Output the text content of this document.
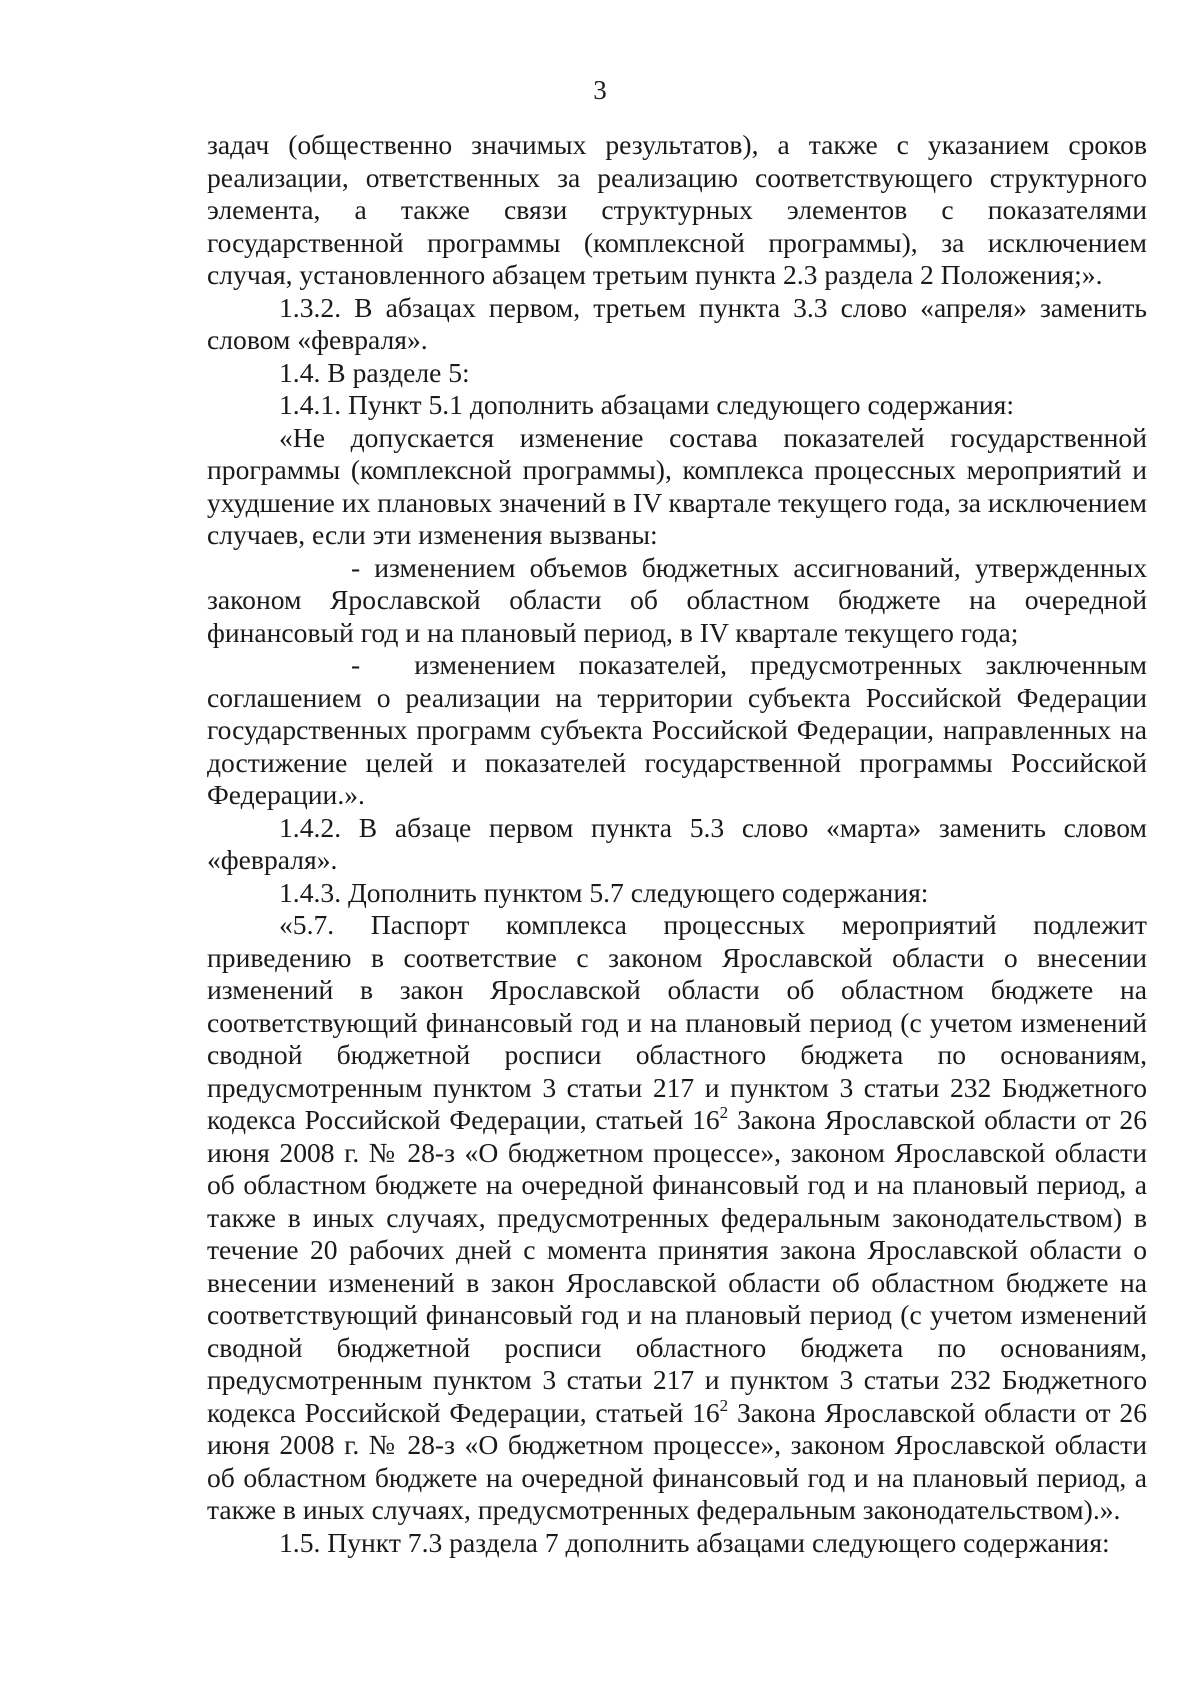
3

задач (общественно значимых результатов), а также с указанием сроков реализации, ответственных за реализацию соответствующего структурного элемента, а также связи структурных элементов с показателями государственной программы (комплексной программы), за исключением случая, установленного абзацем третьим пункта 2.3 раздела 2 Положения;».

1.3.2. В абзацах первом, третьем пункта 3.3 слово «апреля» заменить словом «февраля».

1.4. В разделе 5:

1.4.1. Пункт 5.1 дополнить абзацами следующего содержания:

«Не допускается изменение состава показателей государственной программы (комплексной программы), комплекса процессных мероприятий и ухудшение их плановых значений в IV квартале текущего года, за исключением случаев, если эти изменения вызваны:

- изменением объемов бюджетных ассигнований, утвержденных законом Ярославской области об областном бюджете на очередной финансовый год и на плановый период, в IV квартале текущего года;

- изменением показателей, предусмотренных заключенным соглашением о реализации на территории субъекта Российской Федерации государственных программ субъекта Российской Федерации, направленных на достижение целей и показателей государственной программы Российской Федерации.».

1.4.2. В абзаце первом пункта 5.3 слово «марта» заменить словом «февраля».

1.4.3. Дополнить пунктом 5.7 следующего содержания:

«5.7. Паспорт комплекса процессных мероприятий подлежит приведению в соответствие с законом Ярославской области о внесении изменений в закон Ярославской области об областном бюджете на соответствующий финансовый год и на плановый период (с учетом изменений сводной бюджетной росписи областного бюджета по основаниям, предусмотренным пунктом 3 статьи 217 и пунктом 3 статьи 232 Бюджетного кодекса Российской Федерации, статьей $16^2$ Закона Ярославской области от 26 июня 2008 г. № 28-з «О бюджетном процессе», законом Ярославской области об областном бюджете на очередной финансовый год и на плановый период, а также в иных случаях, предусмотренных федеральным законодательством) в течение 20 рабочих дней с момента принятия закона Ярославской области о внесении изменений в закон Ярославской области об областном бюджете на соответствующий финансовый год и на плановый период (с учетом изменений сводной бюджетной росписи областного бюджета по основаниям, предусмотренным пунктом 3 статьи 217 и пунктом 3 статьи 232 Бюджетного кодекса Российской Федерации, статьей $16^2$ Закона Ярославской области от 26 июня 2008 г. № 28-з «О бюджетном процессе», законом Ярославской области об областном бюджете на очередной финансовый год и на плановый период, а также в иных случаях, предусмотренных федеральным законодательством).».

1.5. Пункт 7.3 раздела 7 дополнить абзацами следующего содержания:
